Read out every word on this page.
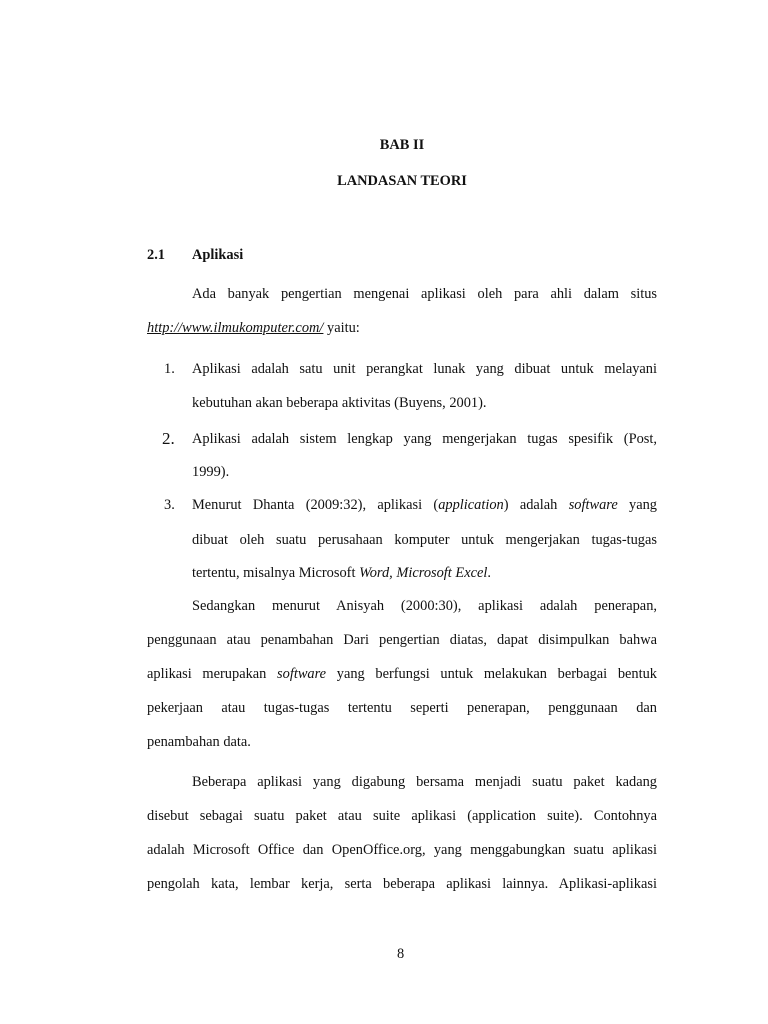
BAB II
LANDASAN TEORI
2.1 Aplikasi
Ada banyak pengertian mengenai aplikasi oleh para ahli dalam situs
http://www.ilmukomputer.com/ yaitu:
1. Aplikasi adalah satu unit perangkat lunak yang dibuat untuk melayani
kebutuhan akan beberapa aktivitas (Buyens, 2001).
2. Aplikasi adalah sistem lengkap yang mengerjakan tugas spesifik (Post,
1999).
3. Menurut Dhanta (2009:32), aplikasi (application) adalah software yang
dibuat oleh suatu perusahaan komputer untuk mengerjakan tugas-tugas
tertentu, misalnya Microsoft Word, Microsoft Excel.
Sedangkan menurut Anisyah (2000:30), aplikasi adalah penerapan,
penggunaan atau penambahan Dari pengertian diatas, dapat disimpulkan bahwa
aplikasi merupakan software yang berfungsi untuk melakukan berbagai bentuk
pekerjaan atau tugas-tugas tertentu seperti penerapan, penggunaan dan
penambahan data.
Beberapa aplikasi yang digabung bersama menjadi suatu paket kadang
disebut sebagai suatu paket atau suite aplikasi (application suite). Contohnya
adalah Microsoft Office dan OpenOffice.org, yang menggabungkan suatu aplikasi
pengolah kata, lembar kerja, serta beberapa aplikasi lainnya. Aplikasi-aplikasi
8
